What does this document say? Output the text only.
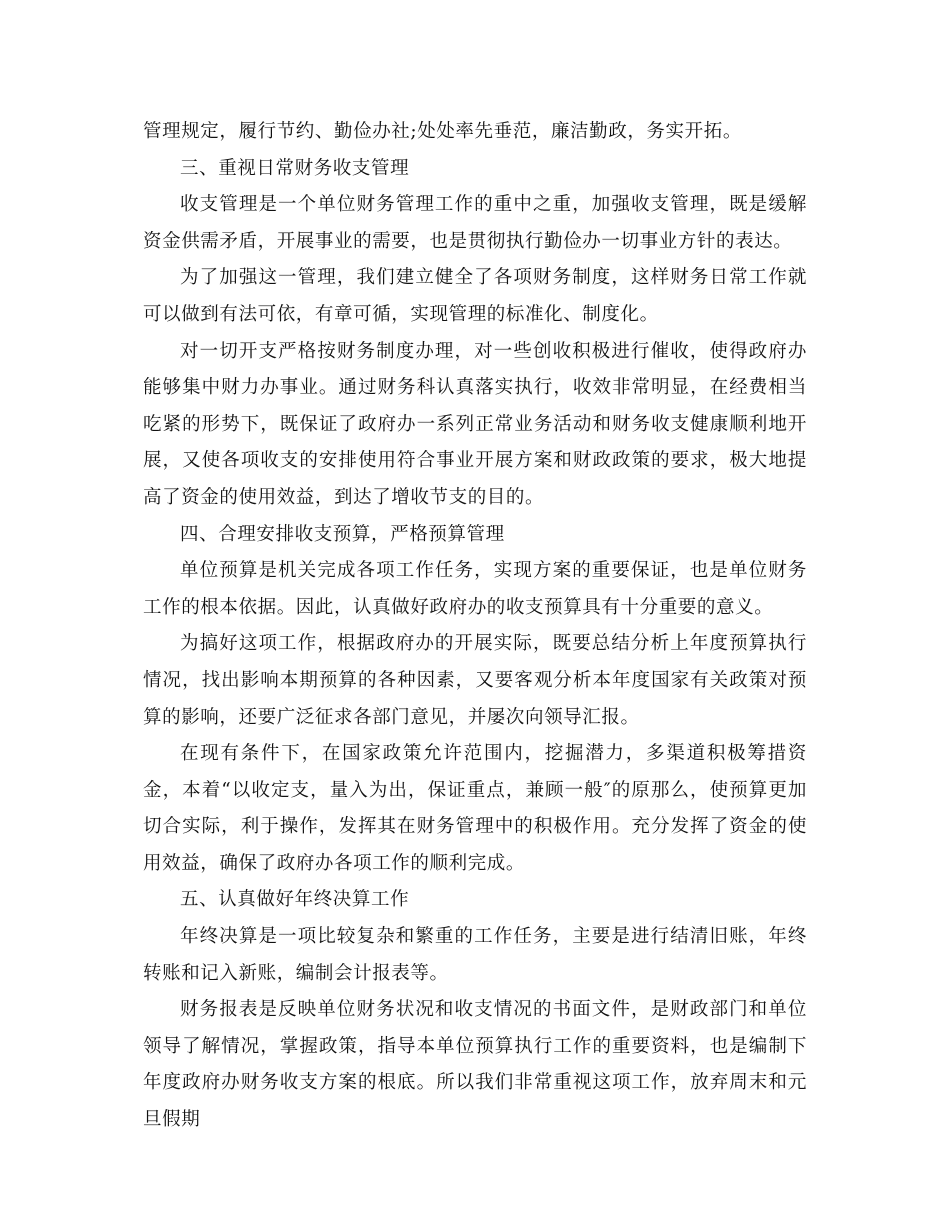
管理规定，履行节约、勤俭办社;处处率先垂范，廉洁勤政，务实开拓。

三、重视日常财务收支管理

收支管理是一个单位财务管理工作的重中之重，加强收支管理，既是缓解资金供需矛盾，开展事业的需要，也是贯彻执行勤俭办一切事业方针的表达。

为了加强这一管理，我们建立健全了各项财务制度，这样财务日常工作就可以做到有法可依，有章可循，实现管理的标准化、制度化。

对一切开支严格按财务制度办理，对一些创收积极进行催收，使得政府办能够集中财力办事业。通过财务科认真落实执行，收效非常明显，在经费相当吃紧的形势下，既保证了政府办一系列正常业务活动和财务收支健康顺利地开展，又使各项收支的安排使用符合事业开展方案和财政政策的要求，极大地提高了资金的使用效益，到达了增收节支的目的。

四、合理安排收支预算，严格预算管理

单位预算是机关完成各项工作任务，实现方案的重要保证，也是单位财务工作的根本依据。因此，认真做好政府办的收支预算具有十分重要的意义。

为搞好这项工作，根据政府办的开展实际，既要总结分析上年度预算执行情况，找出影响本期预算的各种因素，又要客观分析本年度国家有关政策对预算的影响，还要广泛征求各部门意见，并屡次向领导汇报。

在现有条件下，在国家政策允许范围内，挖掘潜力，多渠道积极筹措资金，本着“以收定支，量入为出，保证重点，兼顾一般″的原那么，使预算更加切合实际，利于操作，发挥其在财务管理中的积极作用。充分发挥了资金的使用效益，确保了政府办各项工作的顺利完成。

五、认真做好年终决算工作

年终决算是一项比较复杂和繁重的工作任务，主要是进行结清旧账，年终转账和记入新账，编制会计报表等。

财务报表是反映单位财务状况和收支情况的书面文件，是财政部门和单位领导了解情况，掌握政策，指导本单位预算执行工作的重要资料，也是编制下年度政府办财务收支方案的根底。所以我们非常重视这项工作，放弃周末和元旦假期
